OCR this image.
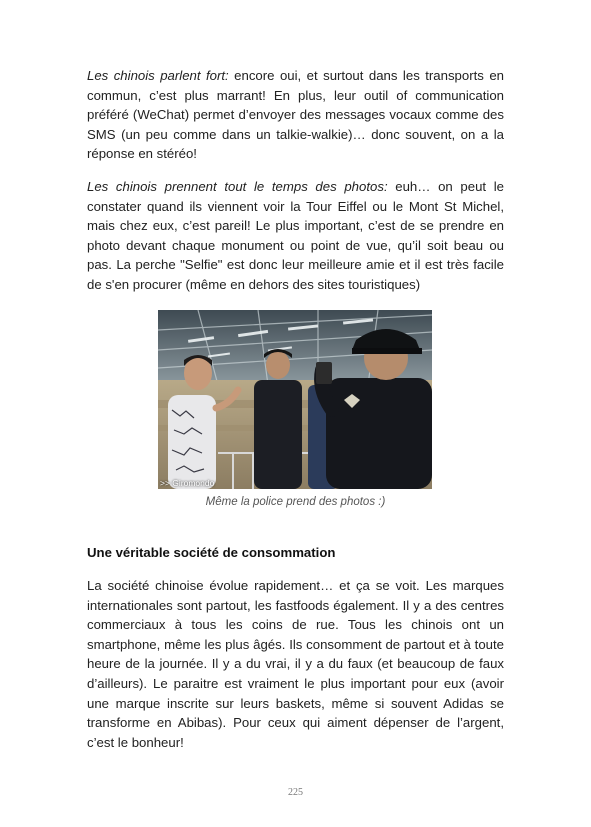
Les chinois parlent fort: encore oui, et surtout dans les transports en commun, c’est plus marrant! En plus, leur outil of communication préféré (WeChat) permet d’envoyer des messages vocaux comme des SMS (un peu comme dans un talkie-walkie)… donc souvent, on a la réponse en stéréo!

Les chinois prennent tout le temps des photos: euh… on peut le constater quand ils viennent voir la Tour Eiffel ou le Mont St Michel, mais chez eux, c’est pareil! Le plus important, c’est de se prendre en photo devant chaque monument ou point de vue, qu’il soit beau ou pas. La perche "Selfie" est donc leur meilleure amie et il est très facile de s'en procurer (même en dehors des sites touristiques)

>> Giromondo
Même la police prend des photos :)
Une véritable société de consommation

La société chinoise évolue rapidement… et ça se voit. Les marques internationales sont partout, les fastfoods également. Il y a des centres commerciaux à tous les coins de rue. Tous les chinois ont un smartphone, même les plus âgés. Ils consomment de partout et à toute heure de la journée. Il y a du vrai, il y a du faux (et beaucoup de faux d’ailleurs). Le paraitre est vraiment le plus important pour eux (avoir une marque inscrite sur leurs baskets, même si souvent Adidas se transforme en Abibas). Pour ceux qui aiment dépenser de l’argent, c’est le bonheur!

225
